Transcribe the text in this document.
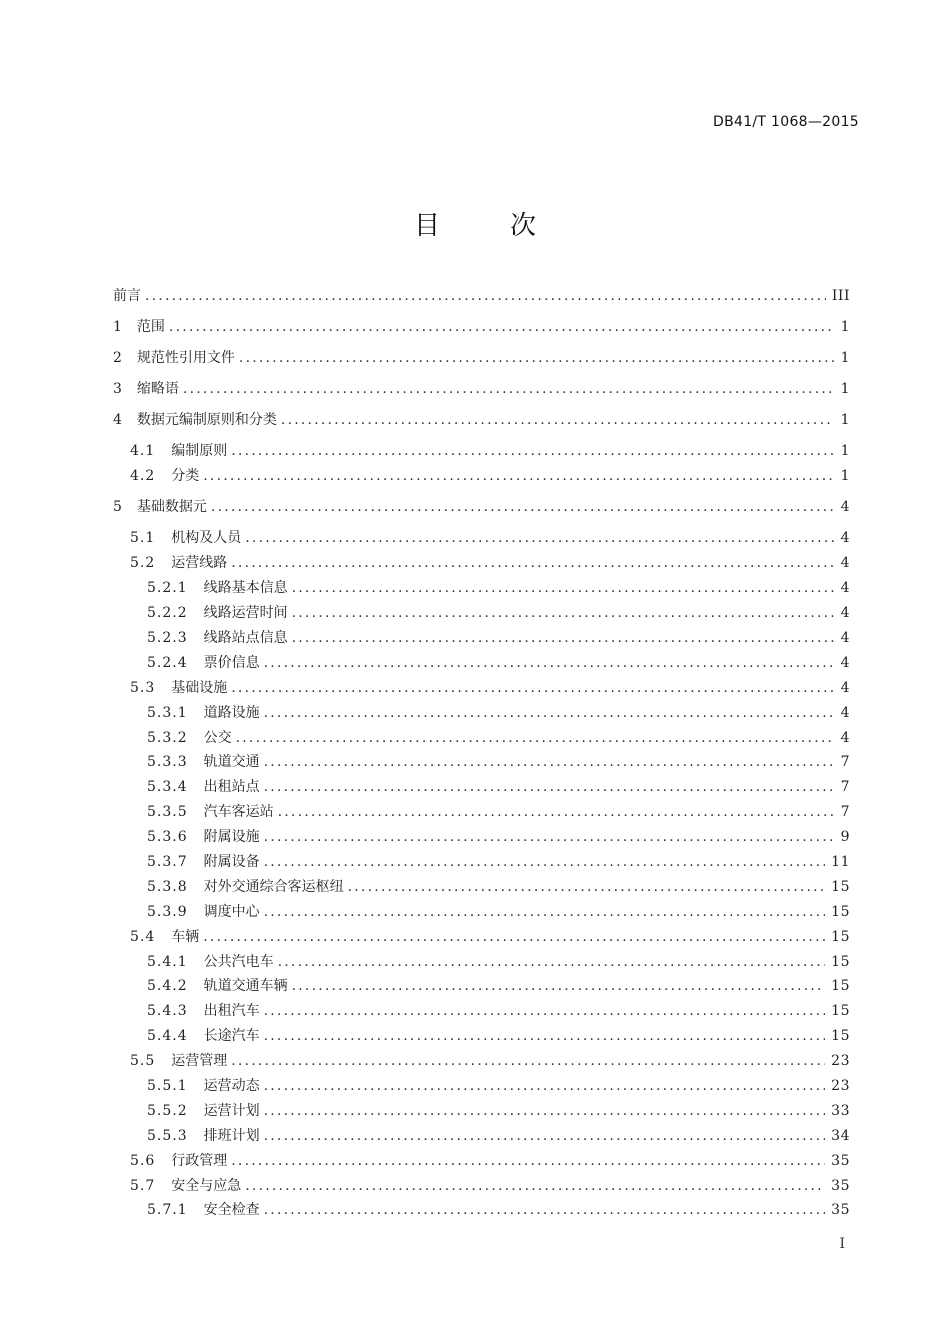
DB41/T 1068—2015
目　次
前言 .....	III
1 范围 .....	1
2 规范性引用文件 .....	1
3 缩略语 .....	1
4 数据元编制原则和分类 .....	1
4.1 编制原则 .....	1
4.2 分类 .....	1
5 基础数据元 .....	4
5.1 机构及人员 .....	4
5.2 运营线路 .....	4
5.2.1 线路基本信息 .....	4
5.2.2 线路运营时间 .....	4
5.2.3 线路站点信息 .....	4
5.2.4 票价信息 .....	4
5.3 基础设施 .....	4
5.3.1 道路设施 .....	4
5.3.2 公交 .....	4
5.3.3 轨道交通 .....	7
5.3.4 出租站点 .....	7
5.3.5 汽车客运站 .....	7
5.3.6 附属设施 .....	9
5.3.7 附属设备 .....	11
5.3.8 对外交通综合客运枢纽 .....	15
5.3.9 调度中心 .....	15
5.4 车辆 .....	15
5.4.1 公共汽电车 .....	15
5.4.2 轨道交通车辆 .....	15
5.4.3 出租汽车 .....	15
5.4.4 长途汽车 .....	15
5.5 运营管理 .....	23
5.5.1 运营动态 .....	23
5.5.2 运营计划 .....	33
5.5.3 排班计划 .....	34
5.6 行政管理 .....	35
5.7 安全与应急 .....	35
5.7.1 安全检查 .....	35
I
